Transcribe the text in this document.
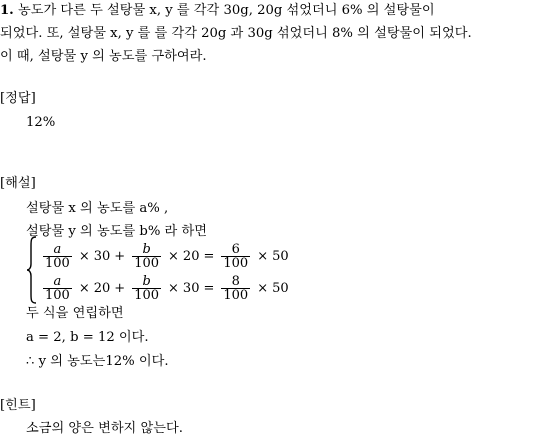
1. 농도가 다른 두 설탕물 x, y 를 각각 30g, 20g 섞었더니 6% 의 설탕물이
되었다. 또, 설탕물 x, y 를 를 각각 20g 과 30g 섞었더니 8% 의 설탕물이 되었다.
이 때, 설탕물 y 의 농도를 구하여라.
[정답]
12%
[해설]
설탕물 x 의 농도를 a% ,
설탕물 y 의 농도를 b% 라 하면
$\frac{a}{100} \times 30 + \frac{b}{100} \times 20 = \frac{6}{100} \times 50$
$\frac{a}{100} \times 20 + \frac{b}{100} \times 30 = \frac{8}{100} \times 50$
두 식을 연립하면
a = 2, b = 12 이다.
∴ y 의 농도는12% 이다.
[힌트]
소금의 양은 변하지 않는다.
